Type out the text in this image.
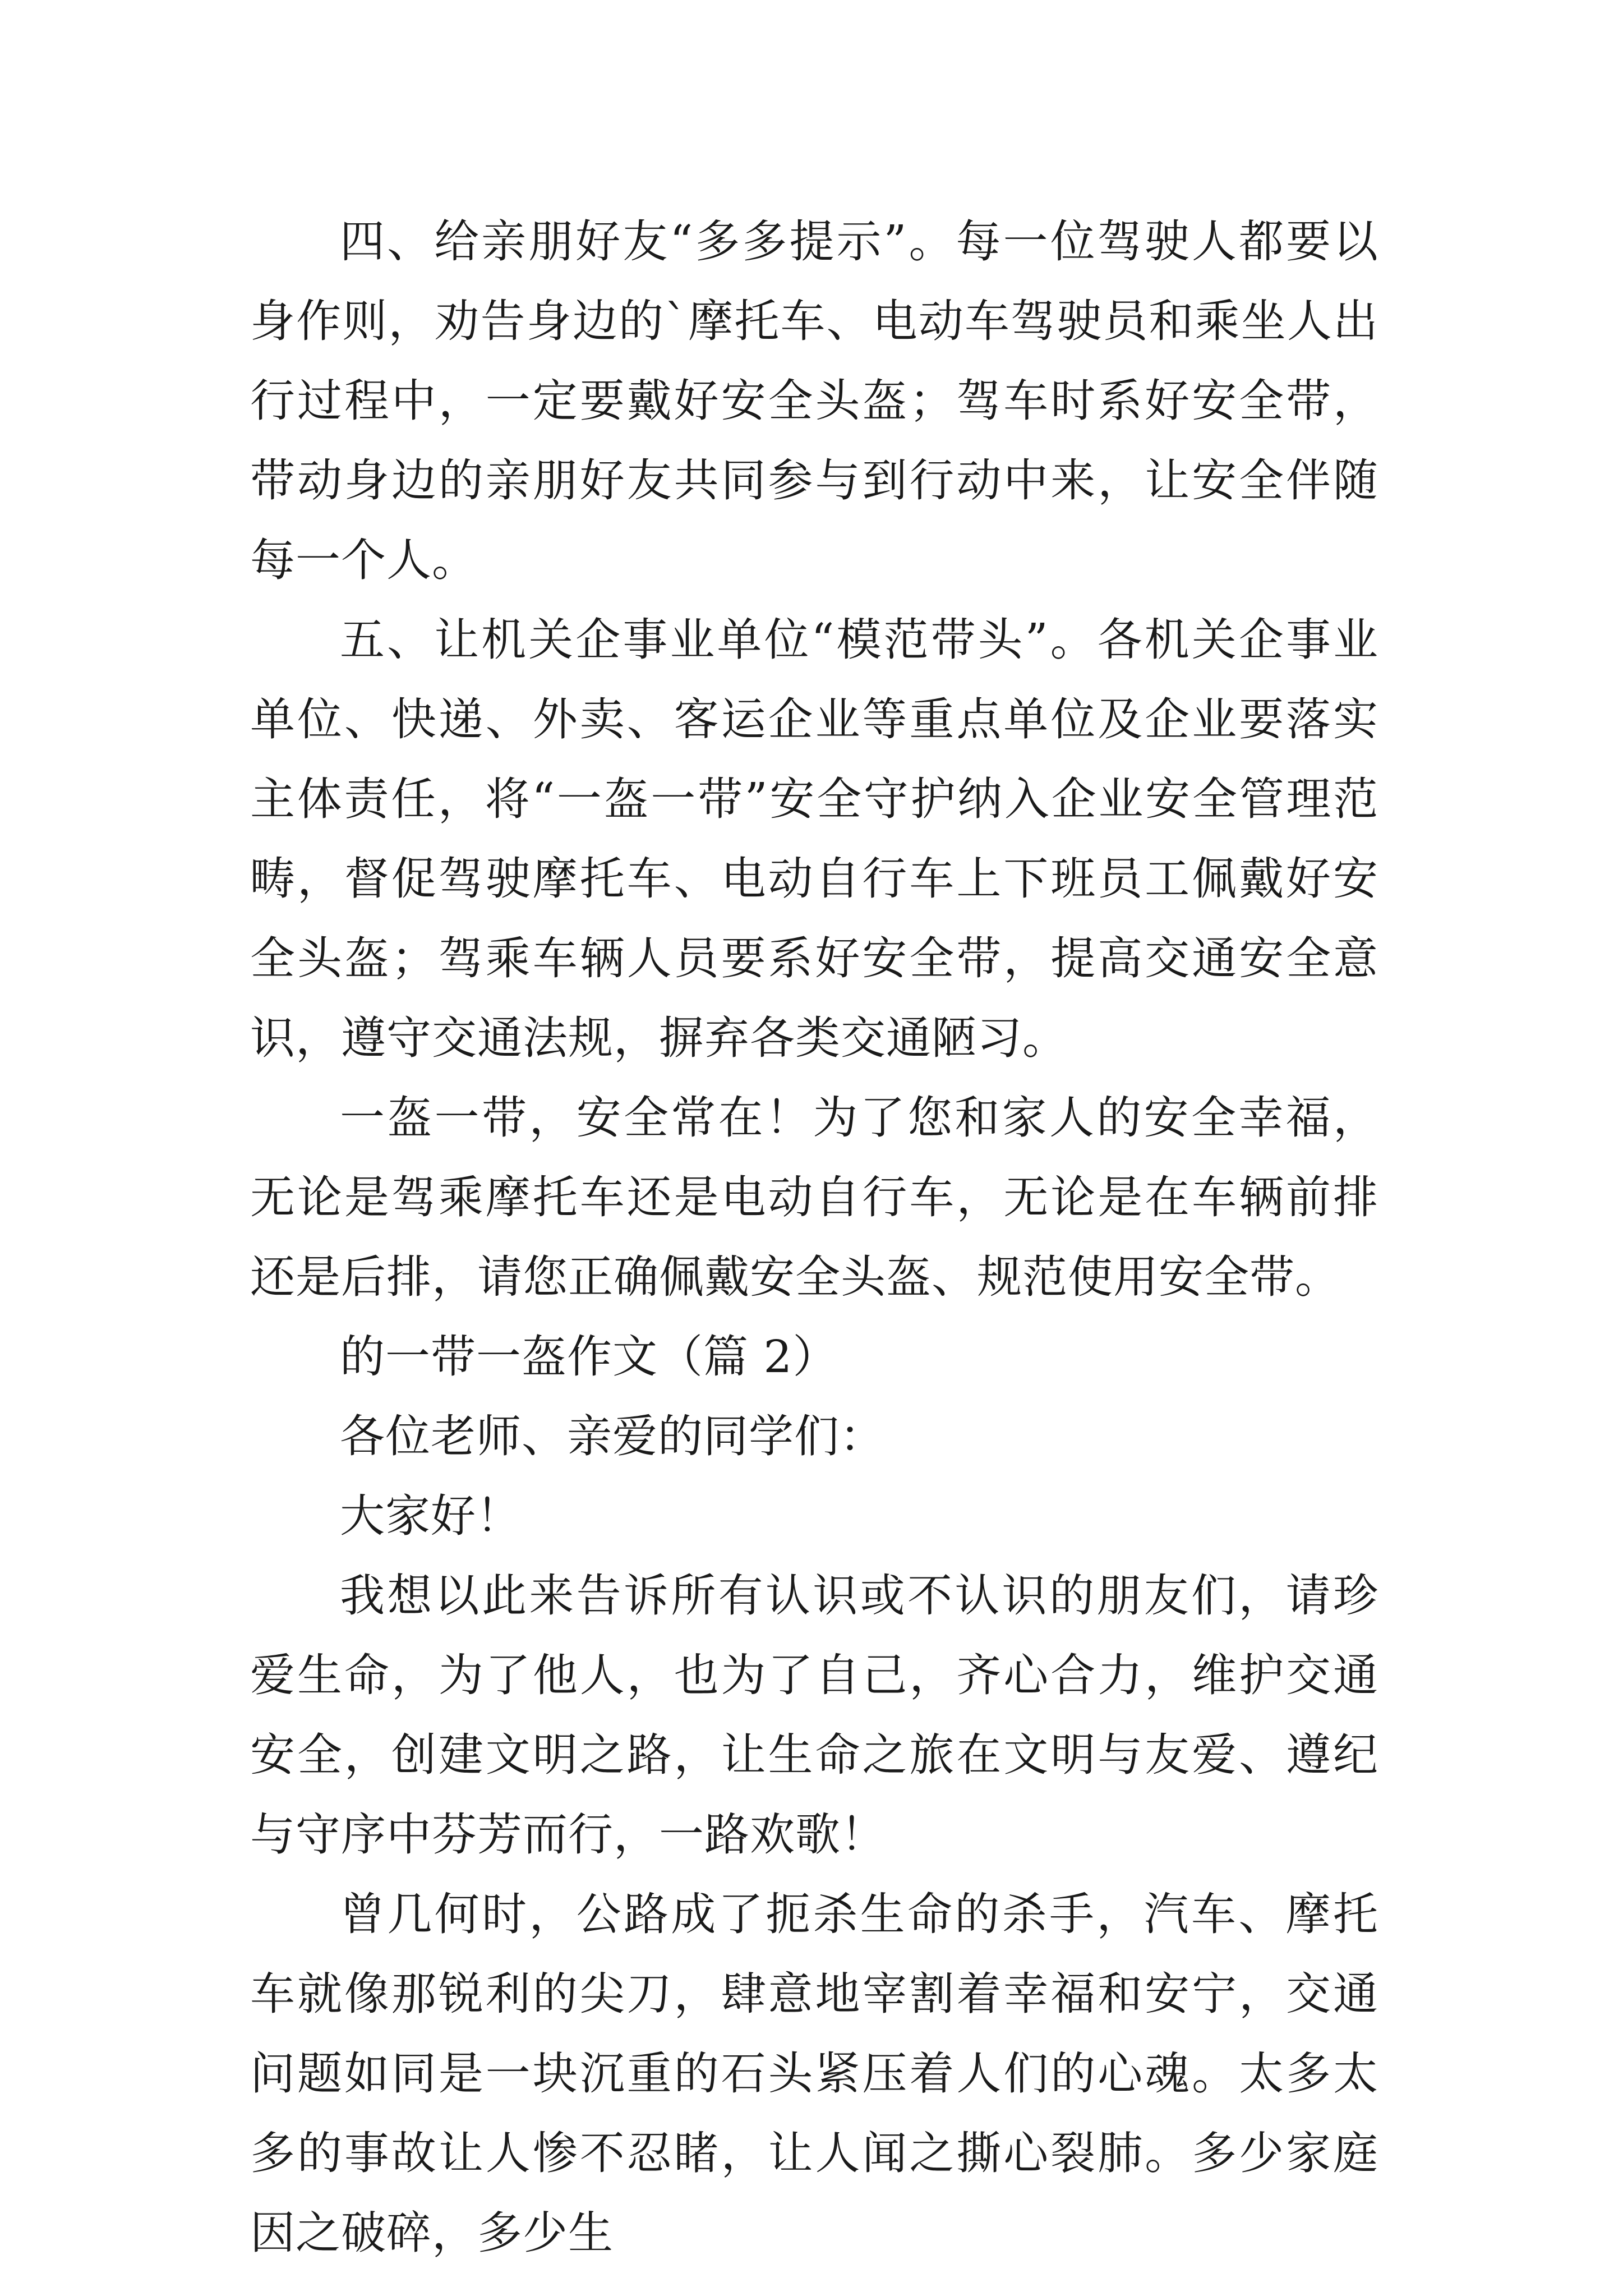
四、给亲朋好友“多多提示”。每一位驾驶人都要以身作则，劝告身边的`摩托车、电动车驾驶员和乘坐人出行过程中，一定要戴好安全头盔；驾车时系好安全带，带动身边的亲朋好友共同参与到行动中来，让安全伴随每一个人。

五、让机关企事业单位“模范带头”。各机关企事业单位、快递、外卖、客运企业等重点单位及企业要落实主体责任，将“一盔一带”安全守护纳入企业安全管理范畴，督促驾驶摩托车、电动自行车上下班员工佩戴好安全头盔；驾乘车辆人员要系好安全带，提高交通安全意识，遵守交通法规，摒弃各类交通陋习。

一盔一带，安全常在！为了您和家人的安全幸福，无论是驾乘摩托车还是电动自行车，无论是在车辆前排还是后排，请您正确佩戴安全头盔、规范使用安全带。

的一带一盔作文（篇 2）

各位老师、亲爱的同学们：

大家好！

我想以此来告诉所有认识或不认识的朋友们，请珍爱生命，为了他人，也为了自己，齐心合力，维护交通安全，创建文明之路，让生命之旅在文明与友爱、遵纪与守序中芬芳而行，一路欢歌！

曾几何时，公路成了扼杀生命的杀手，汽车、摩托车就像那锐利的尖刀，肆意地宰割着幸福和安宁，交通问题如同是一块沉重的石头紧压着人们的心魂。太多太多的事故让人惨不忍睹，让人闻之撕心裂肺。多少家庭因之破碎，多少生
